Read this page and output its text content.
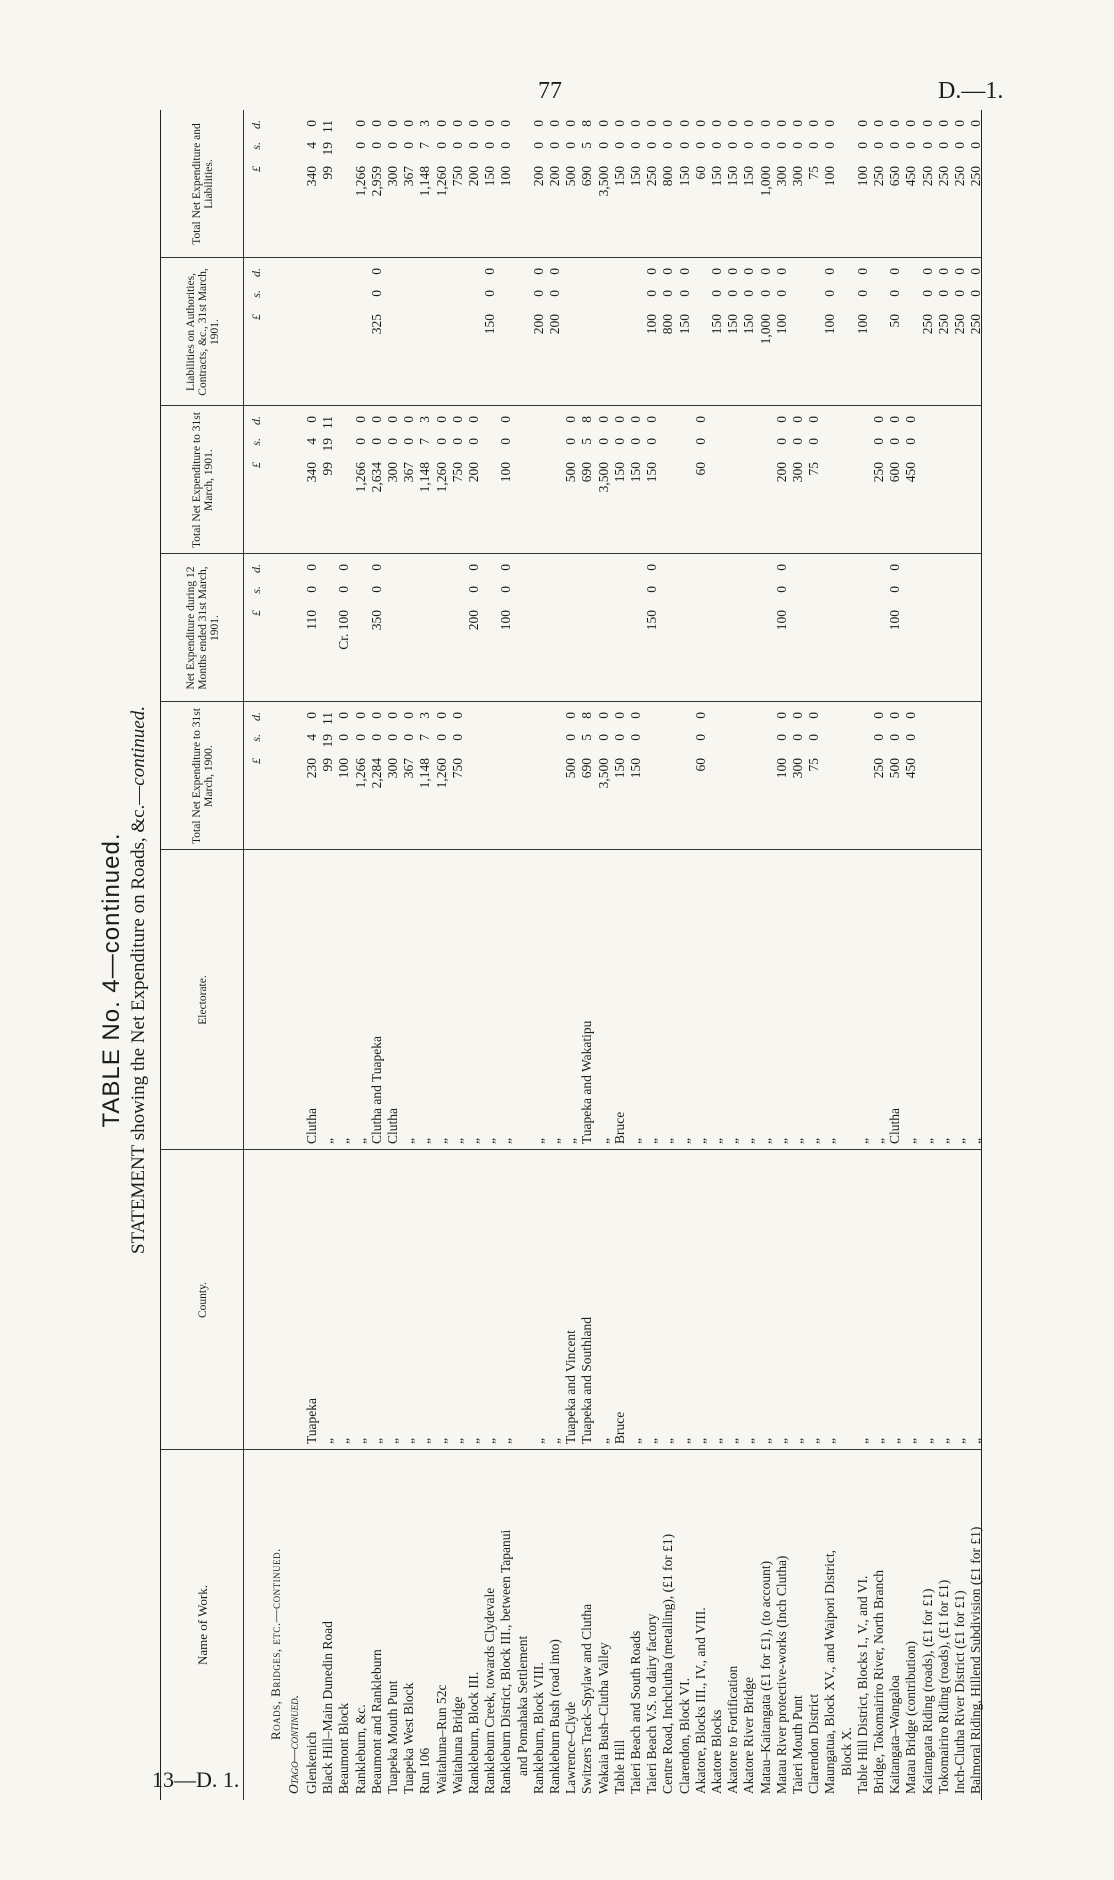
77	D.—1.
13—D. 1.
TABLE No. 4—continued. STATEMENT showing the Net Expenditure on Roads, &c.—continued.
Name of Work.
County.
Electorate.
Total Net Expenditure to 31st March, 1900.
Net Expenditure during 12 Months ended 31st March, 1901.
Total Net Expenditure to 31st March, 1901.
Liabilities on Authorities, Contracts, &c., 31st March, 1901.
Total Net Expenditure and Liabilities.
£
s.
d.
£
s.
d.
£
s.
d.
£
s.
d.
£
s.
d.
Roads, Bridges, etc.—continued.
Otago—continued. Glenkenich
Tuapeka
Clutha
230
4
0
110
0
0
340
4
0
340
4
0
Black Hill–Main Dunedin Road
„
„
99
19
11
99
19
11
99
19
11
Beaumont Block
„
„
100
0
0
Cr. 100
0
0
Rankleburn, &c.
„
„
1,266
0
0
1,266
0
0
1,266
0
0
Beaumont and Rankleburn
„
Clutha and Tuapeka
2,284
0
0
350
0
0
2,634
0
0
325
0
0
2,959
0
0
Tuapeka Mouth Punt
„
Clutha
300
0
0
300
0
0
300
0
0
Tuapeka West Block
„
„
367
0
0
367
0
0
367
0
0
Run 106
„
„
1,148
7
3
1,148
7
3
1,148
7
3
Waitahuna–Run 52c
„
„
1,260
0
0
1,260
0
0
1,260
0
0
Waitahuna Bridge
„
„
750
0
0
750
0
0
750
0
0
Rankleburn, Block III.
„
„
200
0
0
200
0
0
200
0
0
Rankleburn Creek, towards Clydevale
„
„
150
0
0
150
0
0
Rankleburn District, Block III., between Tapanui
„
„
100
0
0
100
0
0
100
0
0
and Pomahaka Settlement Rankleburn, Block VIII.
„
„
200
0
0
200
0
0
Rankleburn Bush (road into)
„
„
200
0
0
200
0
0
Lawrence–Clyde
Tuapeka and Vincent
„
500
0
0
500
0
0
500
0
0
Switzers Track–Spylaw and Clutha
Tuapeka and Southland
Tuapeka and Wakatipu
690
5
8
690
5
8
690
5
8
Wakaia Bush–Clutha Valley
„
„
3,500
0
0
3,500
0
0
3,500
0
0
Table Hill
Bruce
Bruce
150
0
0
150
0
0
150
0
0
Taieri Beach and South Roads
„
„
150
0
0
150
0
0
150
0
0
Taieri Beach V.S. to dairy factory
„
„
150
0
0
150
0
0
100
0
0
250
0
0
Centre Road, Inchclutha (metalling), (£1 for £1)
„
„
800
0
0
800
0
0
Clarendon, Block VI.
„
„
150
0
0
150
0
0
Akatore, Blocks III., IV., and VIII.
„
„
60
0
0
60
0
0
60
0
0
Akatore Blocks
„
„
150
0
0
150
0
0
Akatore to Fortification
„
„
150
0
0
150
0
0
Akatore River Bridge
„
„
150
0
0
150
0
0
Matau–Kaitangata (£1 for £1), (to account)
„
„
1,000
0
0
1,000
0
0
Matau River protective-works (Inch Clutha)
„
„
100
0
0
100
0
0
200
0
0
100
0
0
300
0
0
Taieri Mouth Punt
„
„
300
0
0
300
0
0
300
0
0
Clarendon District
„
„
75
0
0
75
0
0
75
0
0
Maungatua, Block XV., and Waipori District,
„
„
100
0
0
100
0
0
Block X. Table Hill District, Blocks I., V., and VI.
„
„
100
0
0
100
0
0
Bridge, Tokomairiro River, North Branch
„
„
250
0
0
250
0
0
250
0
0
Kaitangata–Wangaloa
„
Clutha
500
0
0
100
0
0
600
0
0
50
0
0
650
0
0
Matau Bridge (contribution)
„
„
450
0
0
450
0
0
450
0
0
Kaitangata Riding (roads), (£1 for £1)
„
„
250
0
0
250
0
0
Tokomairiro Riding (roads), (£1 for £1)
„
„
250
0
0
250
0
0
Inch-Clutha River District (£1 for £1)
„
„
250
0
0
250
0
0
Balmoral Riding, Hillend Subdivision (£1 for £1)
„
„
250
0
0
250
0
0
